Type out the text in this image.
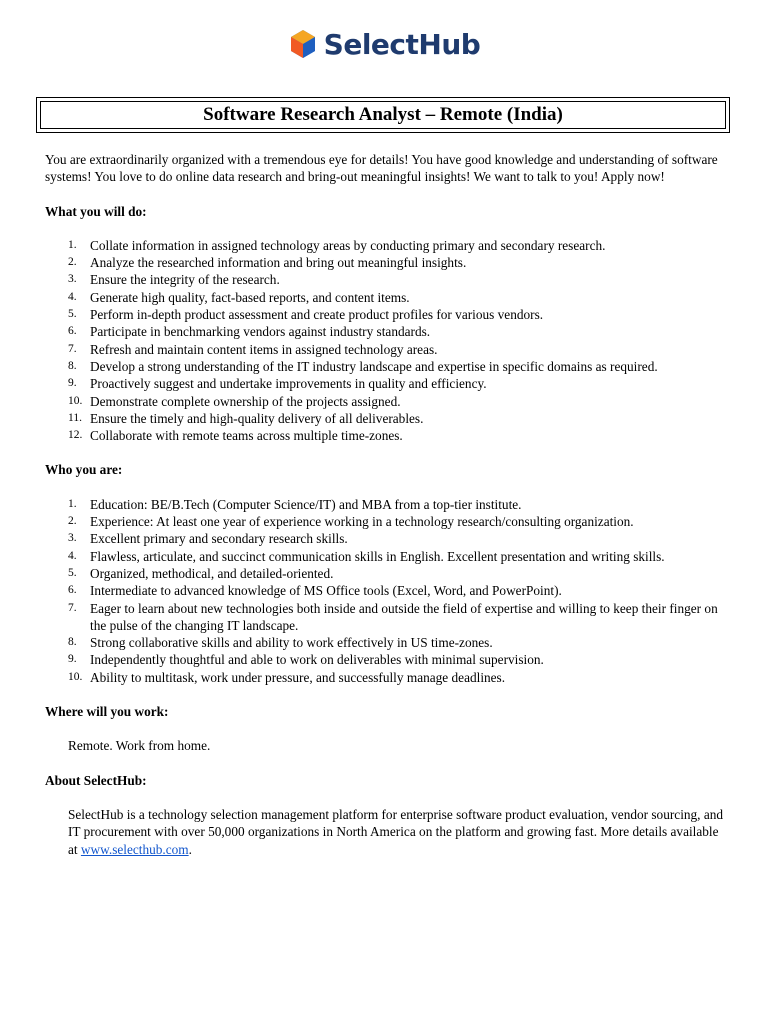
SelectHub
Software Research Analyst – Remote (India)

You are extraordinarily organized with a tremendous eye for details! You have good knowledge and understanding of software systems! You love to do online data research and bring-out meaningful insights! We want to talk to you! Apply now!

What you will do:

1. Collate information in assigned technology areas by conducting primary and secondary research.
2. Analyze the researched information and bring out meaningful insights.
3. Ensure the integrity of the research.
4. Generate high quality, fact-based reports, and content items.
5. Perform in-depth product assessment and create product profiles for various vendors.
6. Participate in benchmarking vendors against industry standards.
7. Refresh and maintain content items in assigned technology areas.
8. Develop a strong understanding of the IT industry landscape and expertise in specific domains as required.
9. Proactively suggest and undertake improvements in quality and efficiency.
10. Demonstrate complete ownership of the projects assigned.
11. Ensure the timely and high-quality delivery of all deliverables.
12. Collaborate with remote teams across multiple time-zones.

Who you are:

1. Education: BE/B.Tech (Computer Science/IT) and MBA from a top-tier institute.
2. Experience: At least one year of experience working in a technology research/consulting organization.
3. Excellent primary and secondary research skills.
4. Flawless, articulate, and succinct communication skills in English. Excellent presentation and writing skills.
5. Organized, methodical, and detailed-oriented.
6. Intermediate to advanced knowledge of MS Office tools (Excel, Word, and PowerPoint).
7. Eager to learn about new technologies both inside and outside the field of expertise and willing to keep their finger on the pulse of the changing IT landscape.
8. Strong collaborative skills and ability to work effectively in US time-zones.
9. Independently thoughtful and able to work on deliverables with minimal supervision.
10. Ability to multitask, work under pressure, and successfully manage deadlines.

Where will you work:

Remote. Work from home.

About SelectHub:

SelectHub is a technology selection management platform for enterprise software product evaluation, vendor sourcing, and IT procurement with over 50,000 organizations in North America on the platform and growing fast. More details available at www.selecthub.com.
